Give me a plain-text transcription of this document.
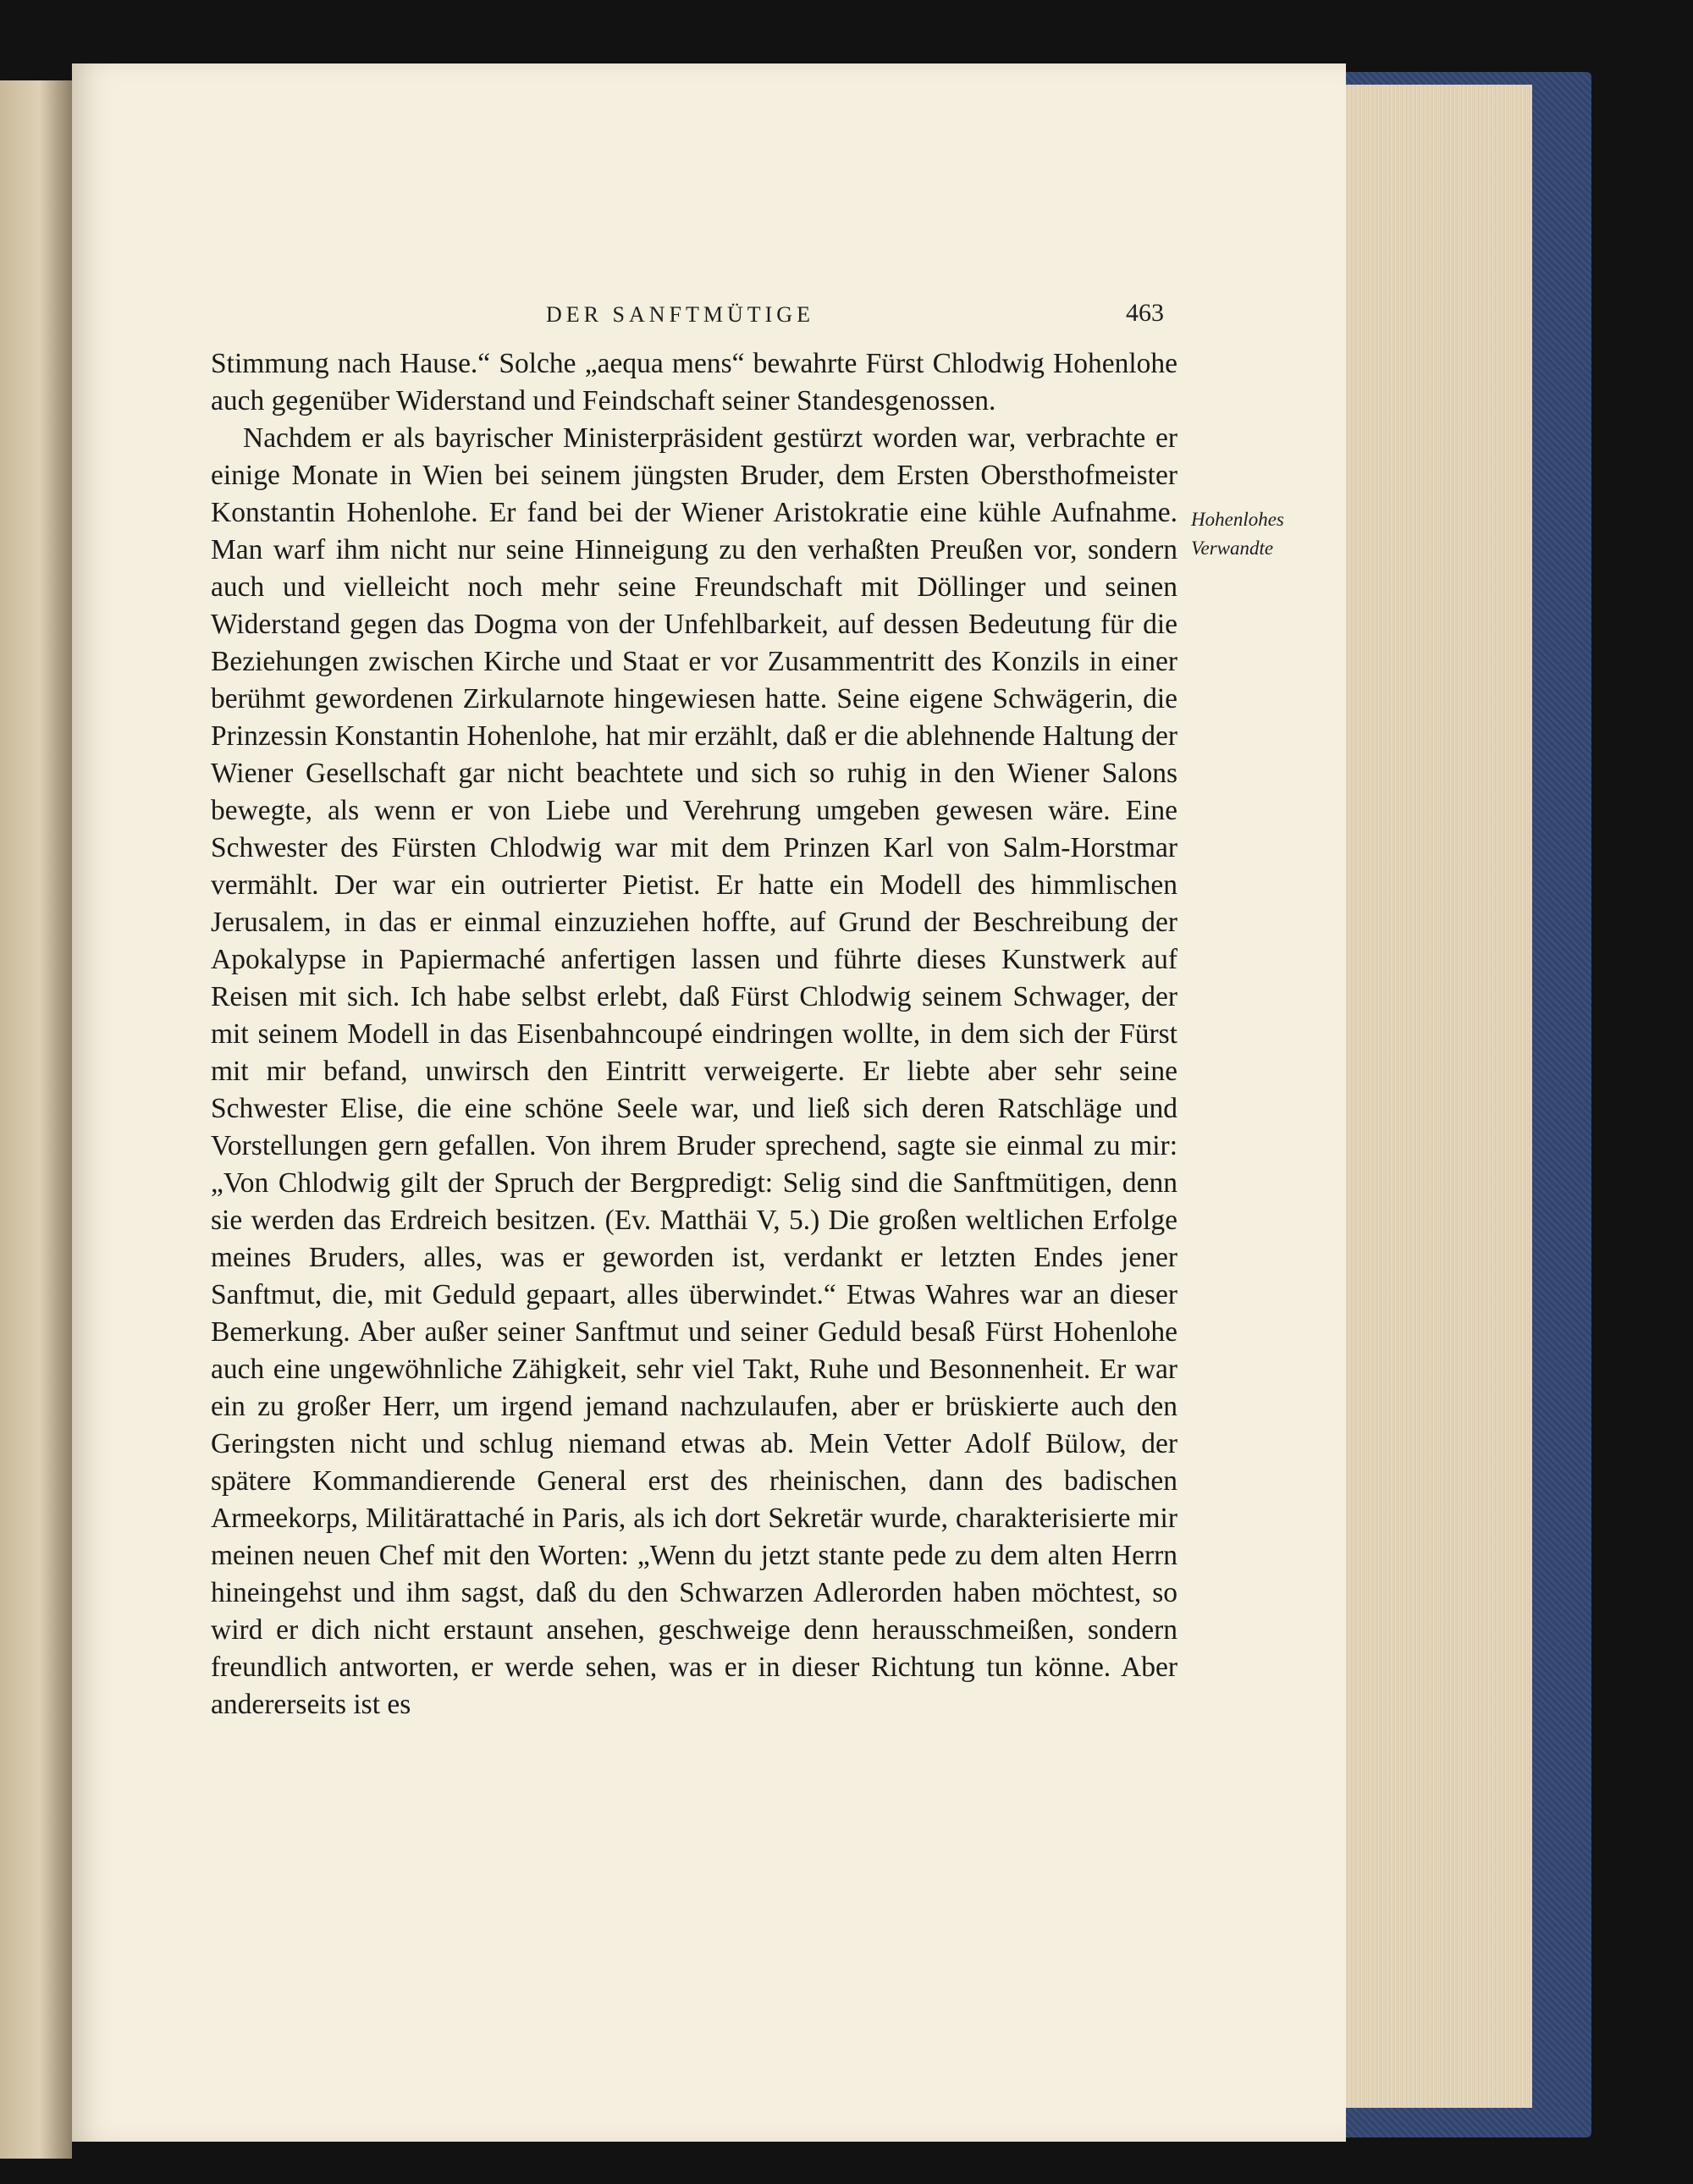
DER SANFTMÜTIGE	463

Stimmung nach Hause.“ Solche „aequa mens“ bewahrte Fürst Chlodwig Hohenlohe auch gegenüber Widerstand und Feindschaft seiner Standesgenossen.

Nachdem er als bayrischer Ministerpräsident gestürzt worden war, verbrachte er einige Monate in Wien bei seinem jüngsten Bruder, dem Ersten Obersthofmeister Konstantin Hohenlohe. Er fand bei der Wiener Aristokratie eine kühle Aufnahme. Man warf ihm nicht nur seine Hinneigung zu den verhaßten Preußen vor, sondern auch und vielleicht noch mehr seine Freundschaft mit Döllinger und seinen Widerstand gegen das Dogma von der Unfehlbarkeit, auf dessen Bedeutung für die Beziehungen zwischen Kirche und Staat er vor Zusammentritt des Konzils in einer berühmt gewordenen Zirkularnote hingewiesen hatte. Seine eigene Schwägerin, die Prinzessin Konstantin Hohenlohe, hat mir erzählt, daß er die ablehnende Haltung der Wiener Gesellschaft gar nicht beachtete und sich so ruhig in den Wiener Salons bewegte, als wenn er von Liebe und Verehrung umgeben gewesen wäre. Eine Schwester des Fürsten Chlodwig war mit dem Prinzen Karl von Salm-Horstmar vermählt. Der war ein outrierter Pietist. Er hatte ein Modell des himmlischen Jerusalem, in das er einmal einzuziehen hoffte, auf Grund der Beschreibung der Apokalypse in Papiermaché anfertigen lassen und führte dieses Kunstwerk auf Reisen mit sich. Ich habe selbst erlebt, daß Fürst Chlodwig seinem Schwager, der mit seinem Modell in das Eisenbahncoupé eindringen wollte, in dem sich der Fürst mit mir befand, unwirsch den Eintritt verweigerte. Er liebte aber sehr seine Schwester Elise, die eine schöne Seele war, und ließ sich deren Ratschläge und Vorstellungen gern gefallen. Von ihrem Bruder sprechend, sagte sie einmal zu mir: „Von Chlodwig gilt der Spruch der Bergpredigt: Selig sind die Sanftmütigen, denn sie werden das Erdreich besitzen. (Ev. Matthäi V, 5.) Die großen weltlichen Erfolge meines Bruders, alles, was er geworden ist, verdankt er letzten Endes jener Sanftmut, die, mit Geduld gepaart, alles überwindet.“ Etwas Wahres war an dieser Bemerkung. Aber außer seiner Sanftmut und seiner Geduld besaß Fürst Hohenlohe auch eine ungewöhnliche Zähigkeit, sehr viel Takt, Ruhe und Besonnenheit. Er war ein zu großer Herr, um irgend jemand nachzulaufen, aber er brüskierte auch den Geringsten nicht und schlug niemand etwas ab. Mein Vetter Adolf Bülow, der spätere Kommandierende General erst des rheinischen, dann des badischen Armeekorps, Militärattaché in Paris, als ich dort Sekretär wurde, charakterisierte mir meinen neuen Chef mit den Worten: „Wenn du jetzt stante pede zu dem alten Herrn hineingehst und ihm sagst, daß du den Schwarzen Adlerorden haben möchtest, so wird er dich nicht erstaunt ansehen, geschweige denn herausschmeißen, sondern freundlich antworten, er werde sehen, was er in dieser Richtung tun könne. Aber andererseits ist es

Hohenlohes
Verwandte
